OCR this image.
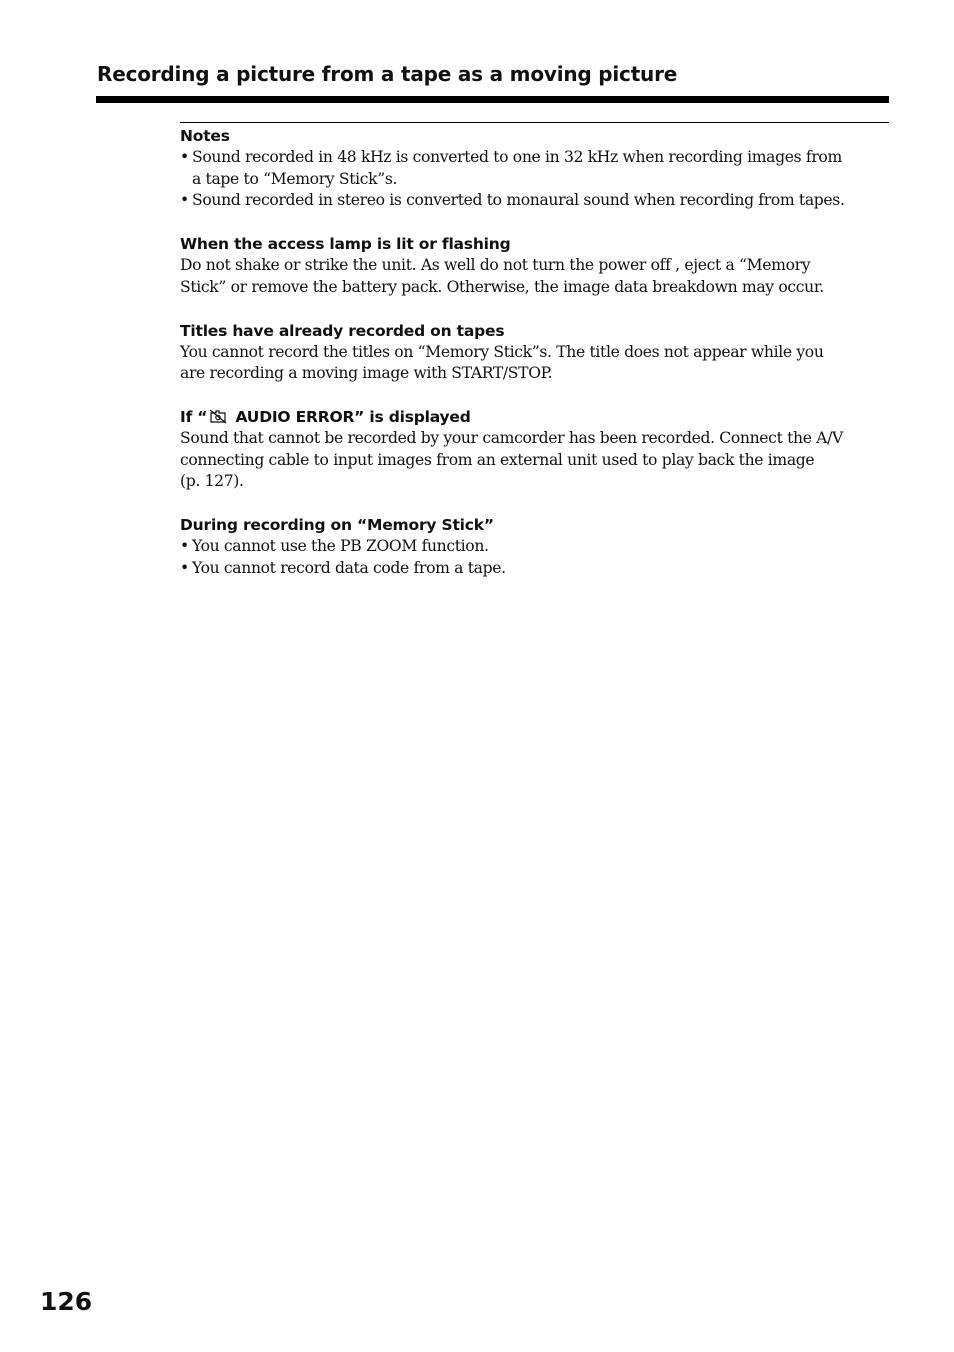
Recording a picture from a tape as a moving picture
Notes
• Sound recorded in 48 kHz is converted to one in 32 kHz when recording images from
a tape to “Memory Stick”s.
• Sound recorded in stereo is converted to monaural sound when recording from tapes.
When the access lamp is lit or flashing
Do not shake or strike the unit. As well do not turn the power off , eject a “Memory
Stick” or remove the battery pack. Otherwise, the image data breakdown may occur.
Titles have already recorded on tapes
You cannot record the titles on “Memory Stick”s. The title does not appear while you
are recording a moving image with START/STOP.
If “ AUDIO ERROR” is displayed
Sound that cannot be recorded by your camcorder has been recorded. Connect the A/V
connecting cable to input images from an external unit used to play back the image
(p. 127).
During recording on “Memory Stick”
• You cannot use the PB ZOOM function.
• You cannot record data code from a tape.
126
